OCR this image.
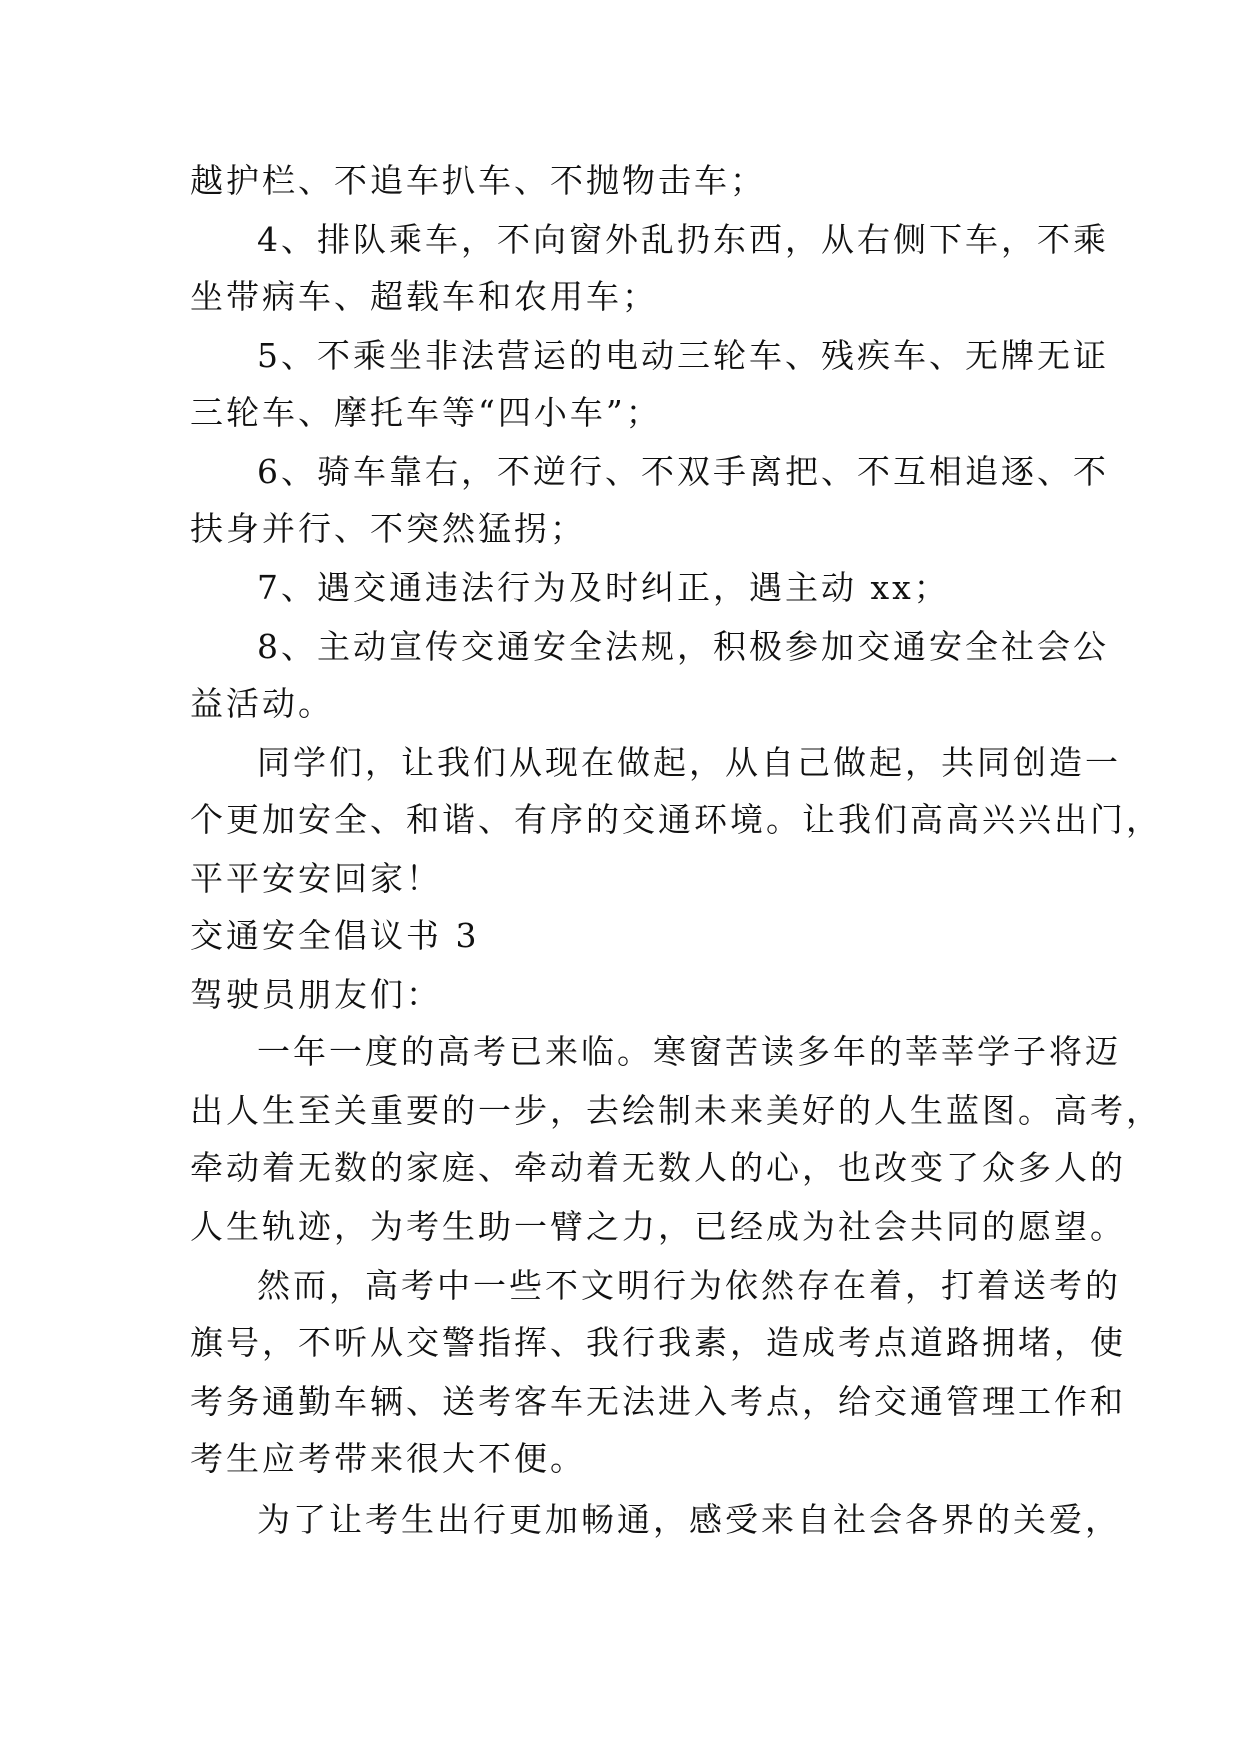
越护栏、不追车扒车、不抛物击车；
4、排队乘车，不向窗外乱扔东西，从右侧下车，不乘
坐带病车、超载车和农用车；
5、不乘坐非法营运的电动三轮车、残疾车、无牌无证
三轮车、摩托车等“四小车”；
6、骑车靠右，不逆行、不双手离把、不互相追逐、不
扶身并行、不突然猛拐；
7、遇交通违法行为及时纠正，遇主动 xx；
8、主动宣传交通安全法规，积极参加交通安全社会公
益活动。
同学们，让我们从现在做起，从自己做起，共同创造一
个更加安全、和谐、有序的交通环境。让我们高高兴兴出门，
平平安安回家！
交通安全倡议书 3
驾驶员朋友们：
一年一度的高考已来临。寒窗苦读多年的莘莘学子将迈
出人生至关重要的一步，去绘制未来美好的人生蓝图。高考，
牵动着无数的家庭、牵动着无数人的心，也改变了众多人的
人生轨迹，为考生助一臂之力，已经成为社会共同的愿望。
然而，高考中一些不文明行为依然存在着，打着送考的
旗号，不听从交警指挥、我行我素，造成考点道路拥堵，使
考务通勤车辆、送考客车无法进入考点，给交通管理工作和
考生应考带来很大不便。
为了让考生出行更加畅通，感受来自社会各界的关爱，
